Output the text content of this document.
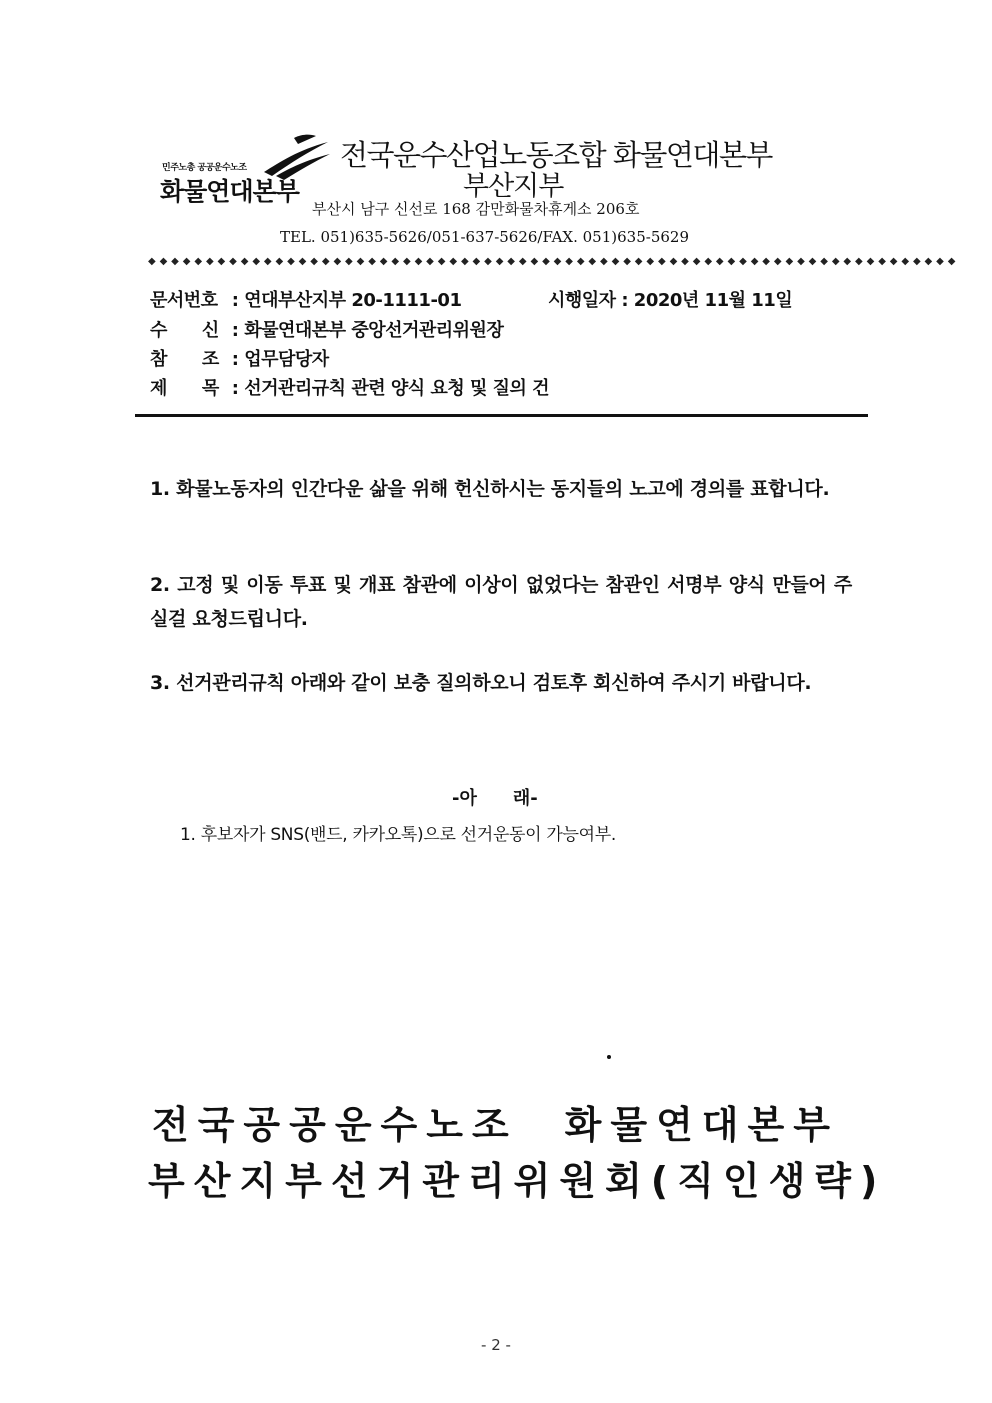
민주노총 공공운수노조
화물연대본부
전국운수산업노동조합 화물연대본부
부산지부
부산시 남구 신선로 168 감만화물차휴게소 206호
TEL. 051)635-5626/051-637-5626/FAX. 051)635-5629
◆◆◆◆◆◆◆◆◆◆◆◆◆◆◆◆◆◆◆◆◆◆◆◆◆◆◆◆◆◆◆◆◆◆◆◆◆◆◆◆◆◆◆◆◆◆◆◆◆◆◆◆◆◆◆◆◆◆◆◆◆◆◆◆◆◆◆◆◆◆
문서번호 : 연대부산지부 20-1111-01	시행일자 : 2020년 11월 11일
수　　신 : 화물연대본부 중앙선거관리위원장
참　　조 : 업무담당자
제　　목 : 선거관리규칙 관련 양식 요청 및 질의 건
1. 화물노동자의 인간다운 삶을 위해 헌신하시는 동지들의 노고에 경의를 표합니다.
2. 고정 및 이동 투표 및 개표 참관에 이상이 없었다는 참관인 서명부 양식 만들어 주실걸 요청드립니다.
3. 선거관리규칙 아래와 같이 보충 질의하오니 검토후 회신하여 주시기 바랍니다.
-아　　래-
1. 후보자가 SNS(밴드, 카카오톡)으로 선거운동이 가능여부.
전국공공운수노조　화물연대본부
부산지부선거관리위원회(직인생략)
- 2 -
